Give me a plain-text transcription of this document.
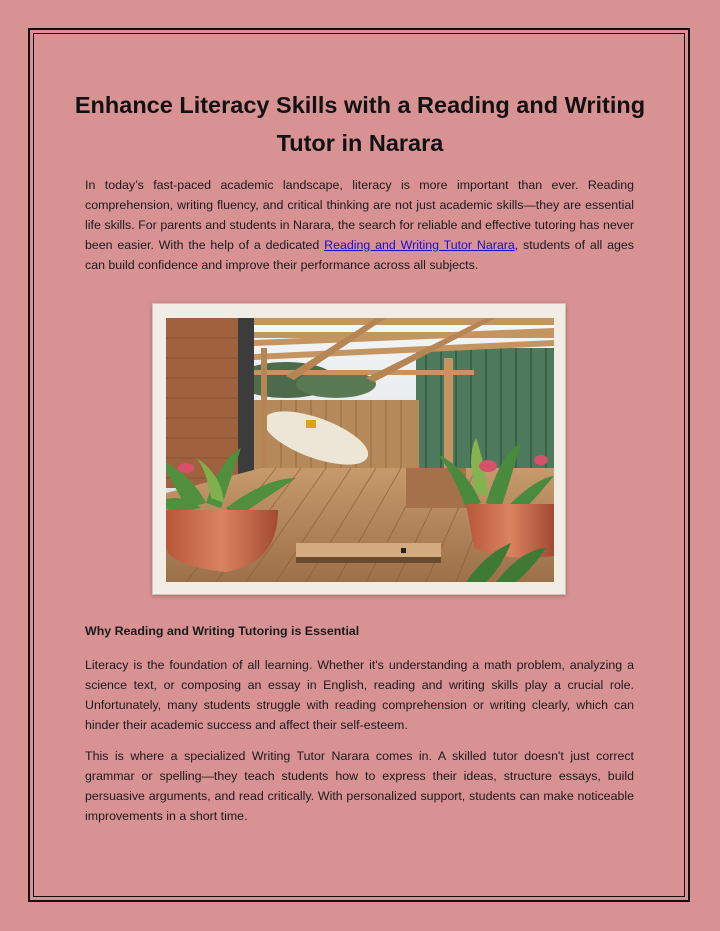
Enhance Literacy Skills with a Reading and Writing Tutor in Narara

In today’s fast-paced academic landscape, literacy is more important than ever. Reading comprehension, writing fluency, and critical thinking are not just academic skills—they are essential life skills. For parents and students in Narara, the search for reliable and effective tutoring has never been easier. With the help of a dedicated Reading and Writing Tutor Narara, students of all ages can build confidence and improve their performance across all subjects.

Why Reading and Writing Tutoring is Essential

Literacy is the foundation of all learning. Whether it's understanding a math problem, analyzing a science text, or composing an essay in English, reading and writing skills play a crucial role. Unfortunately, many students struggle with reading comprehension or writing clearly, which can hinder their academic success and affect their self-esteem.

This is where a specialized Writing Tutor Narara comes in. A skilled tutor doesn't just correct grammar or spelling—they teach students how to express their ideas, structure essays, build persuasive arguments, and read critically. With personalized support, students can make noticeable improvements in a short time.
